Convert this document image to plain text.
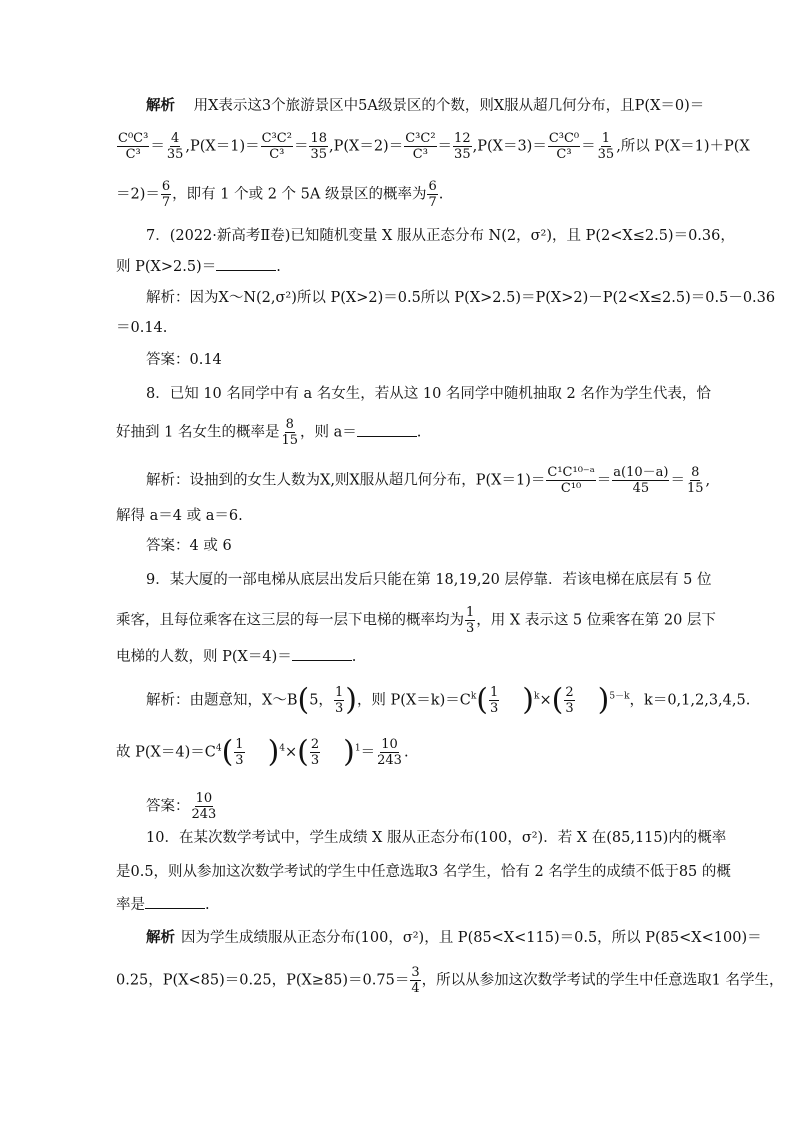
解析 用X表示这3个旅游景区中5A级景区的个数，则X服从超几何分布，且P(X＝0)＝
$\frac{\text{C⁰C³}}{\text{C³}} = \frac{4}{35} ,P(X=1)= \frac{\text{C³C²}}{\text{C³}} = \frac{18}{35} ,P(X=2)= \frac{\text{C³C²}}{\text{C³}} = \frac{12}{35} ,P(X=3)= \frac{\text{C³C⁰}}{\text{C³}} = \frac{1}{35}$ ,所以 P(X＝1)＋P(X
$=2)= \frac{6}{7}$ ，即有 1 个或 2 个 5A 级景区的概率为 $\frac{6}{7}$ .
7．(2022·新高考Ⅱ卷)已知随机变量 X 服从正态分布 N(2，σ²)，且 P(2<X≤2.5)＝0.36，
则 P(X>2.5)＝	.
解析：因为X～N(2,σ²)所以 P(X>2)＝0.5所以 P(X>2.5)＝P(X>2)－P(2<X≤2.5)＝0.5－0.36
＝0.14.
答案：0.14
8．已知 10 名同学中有 a 名女生，若从这 10 名同学中随机抽取 2 名作为学生代表，恰
好抽到 1 名女生的概率是 $\frac{8}{15}$ ，则 a＝	.
解析：设抽到的女生人数为X,则X服从超几何分布，$P(X=1)= \frac{\text{C¹C¹⁰⁻ᵃ}}{\text{C¹⁰}} = \frac{a(10-a)}{45} = \frac{8}{15}$ ,
解得 a＝4 或 a＝6.
答案：4 或 6
9．某大厦的一部电梯从底层出发后只能在第 18,19,20 层停靠．若该电梯在底层有 5 位
乘客，且每位乘客在这三层的每一层下电梯的概率均为 $\frac{1}{3}$ ，用 X 表示这 5 位乘客在第 20 层下
电梯的人数，则 P(X＝4)＝	.
解析：由题意知，X～B(5， $\frac{1}{3}$ )，则 $P(X=k)=C^k( \frac{1}{3} )^k\times( \frac{2}{3} )^{5-k}$，k＝0,1,2,3,4,5.
故 $P(X=4)=C^4( \frac{1}{3} )^4\times( \frac{2}{3} )^1= \frac{10}{243}$ .
答案： $\frac{10}{243}$
10．在某次数学考试中，学生成绩 X 服从正态分布(100，σ²)．若 X 在(85,115)内的概率
是0.5，则从参加这次数学考试的学生中任意选取3 名学生，恰有 2 名学生的成绩不低于85 的概
率是	.
解析 因为学生成绩服从正态分布(100，σ²)，且 P(85<X<115)＝0.5，所以 P(85<X<100)＝
0.25，P(X<85)＝0.25，$P(X\ge 85)=0.75= \frac{3}{4}$ ，所以从参加这次数学考试的学生中任意选取1 名学生，
